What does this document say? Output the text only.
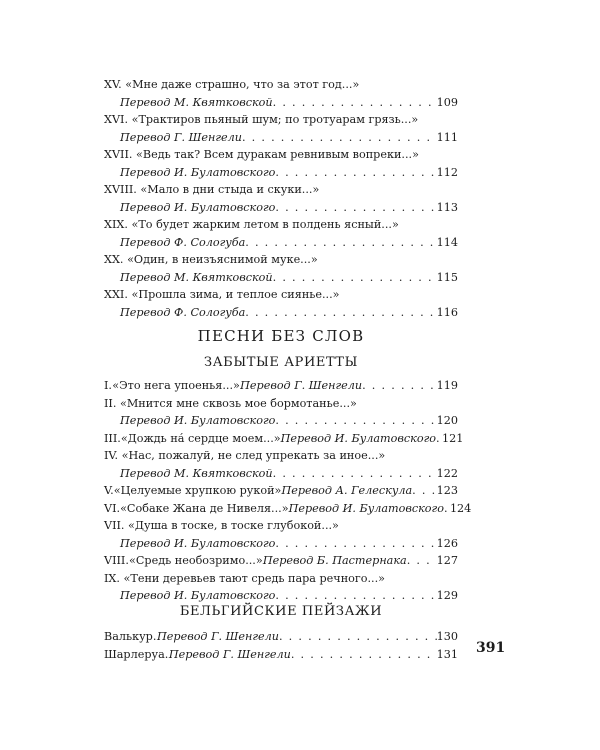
XV. «Мне даже страшно, что за этот год...»
Перевод М. Квятковской . . .	109
XVI. «Трактиров пьяный шум; по тротуарам грязь...»
Перевод Г. Шенгели . . .	111
XVII. «Ведь так? Всем дуракам ревнивым вопреки...»
Перевод И. Булатовского . . .	112
XVIII. «Мало в дни стыда и скуки...»
Перевод И. Булатовского . . .	113
XIX. «То будет жарким летом в полдень ясный...»
Перевод Ф. Сологуба . . .	114
XX. «Один, в неизъяснимой муке...»
Перевод М. Квятковской . . .	115
XXI. «Прошла зима, и теплое сиянье...»
Перевод Ф. Сологуба . . .	116
ПЕСНИ БЕЗ СЛОВ
ЗАБЫТЫЕ АРИЕТТЫ
I. «Это нега упоенья...» Перевод Г. Шенгели . . .	119
II. «Мнится мне сквозь мое бормотанье...»
Перевод И. Булатовского . . .	120
III. «Дождь на́ сердце моем...» Перевод И. Булатовского . . . 121
IV. «Нас, пожалуй, не след упрекать за иное...»
Перевод М. Квятковской . . .	122
V. «Целуемые хрупкою рукой» Перевод А. Гелескула . . . 123
VI. «Собаке Жана де Нивеля...» Перевод И. Булатовского . . . 124
VII. «Душа в тоске, в тоске глубокой...»
Перевод И. Булатовского . . .	126
VIII. «Средь необозримо...» Перевод Б. Пастернака . . .	127
IX. «Тени деревьев тают средь пара речного...»
Перевод И. Булатовского . . .	129
БЕЛЬГИЙСКИЕ ПЕЙЗАЖИ
Валькур. Перевод Г. Шенгели . . .	130
Шарлеруа. Перевод Г. Шенгели . . .	131 391
